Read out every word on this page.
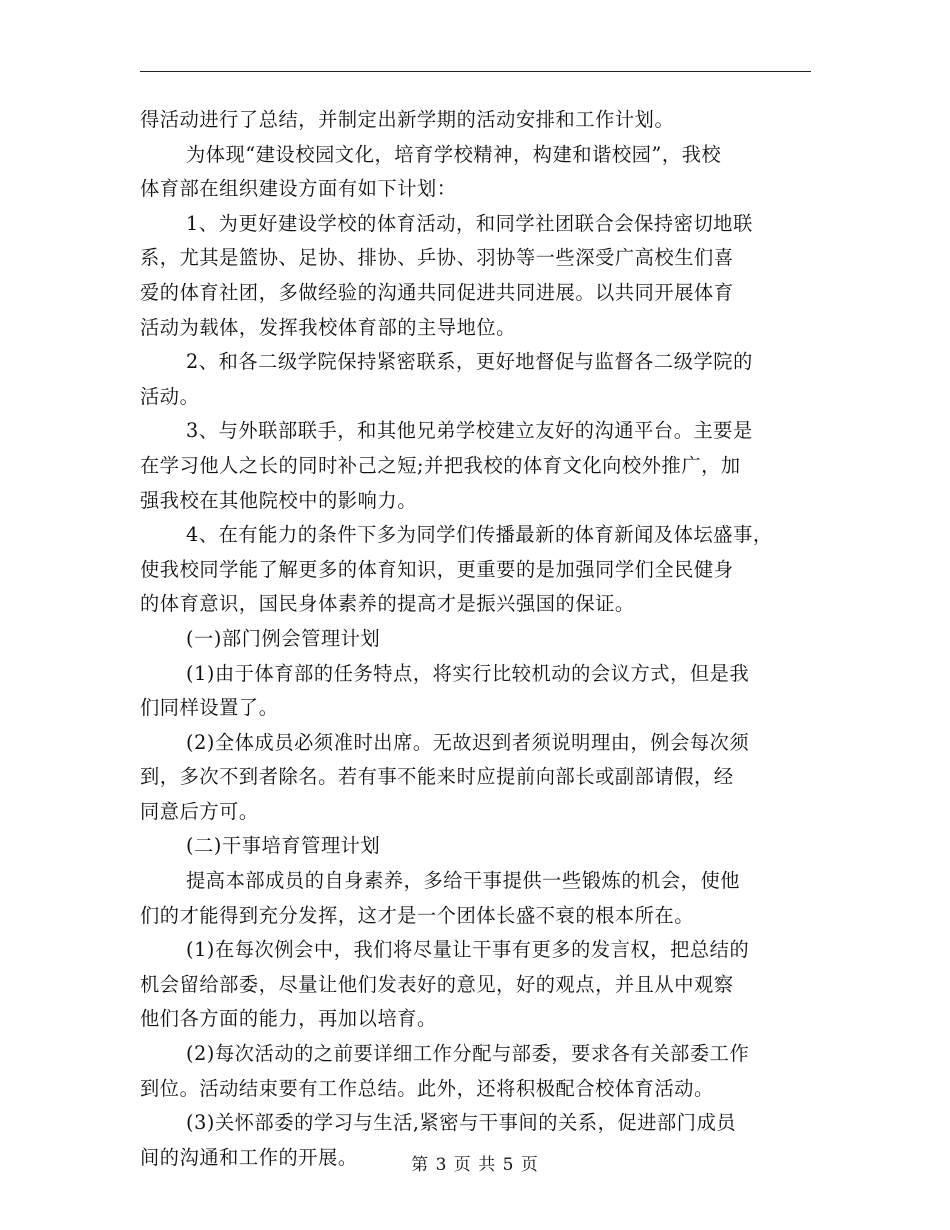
得活动进行了总结，并制定出新学期的活动安排和工作计划。
为体现“建设校园文化，培育学校精神，构建和谐校园”，我校
体育部在组织建设方面有如下计划：
1、为更好建设学校的体育活动，和同学社团联合会保持密切地联
系，尤其是篮协、足协、排协、乒协、羽协等一些深受广高校生们喜
爱的体育社团，多做经验的沟通共同促进共同进展。以共同开展体育
活动为载体，发挥我校体育部的主导地位。
2、和各二级学院保持紧密联系，更好地督促与监督各二级学院的
活动。
3、与外联部联手，和其他兄弟学校建立友好的沟通平台。主要是
在学习他人之长的同时补己之短;并把我校的体育文化向校外推广，加
强我校在其他院校中的影响力。
4、在有能力的条件下多为同学们传播最新的体育新闻及体坛盛事，
使我校同学能了解更多的体育知识，更重要的是加强同学们全民健身
的体育意识，国民身体素养的提高才是振兴强国的保证。
(一)部门例会管理计划
(1)由于体育部的任务特点，将实行比较机动的会议方式，但是我
们同样设置了。
(2)全体成员必须准时出席。无故迟到者须说明理由，例会每次须
到，多次不到者除名。若有事不能来时应提前向部长或副部请假，经
同意后方可。
(二)干事培育管理计划
提高本部成员的自身素养，多给干事提供一些锻炼的机会，使他
们的才能得到充分发挥，这才是一个团体长盛不衰的根本所在。
(1)在每次例会中，我们将尽量让干事有更多的发言权，把总结的
机会留给部委，尽量让他们发表好的意见，好的观点，并且从中观察
他们各方面的能力，再加以培育。
(2)每次活动的之前要详细工作分配与部委，要求各有关部委工作
到位。活动结束要有工作总结。此外，还将积极配合校体育活动。
(3)关怀部委的学习与生活,紧密与干事间的关系，促进部门成员
间的沟通和工作的开展。	第 3 页 共 5 页
